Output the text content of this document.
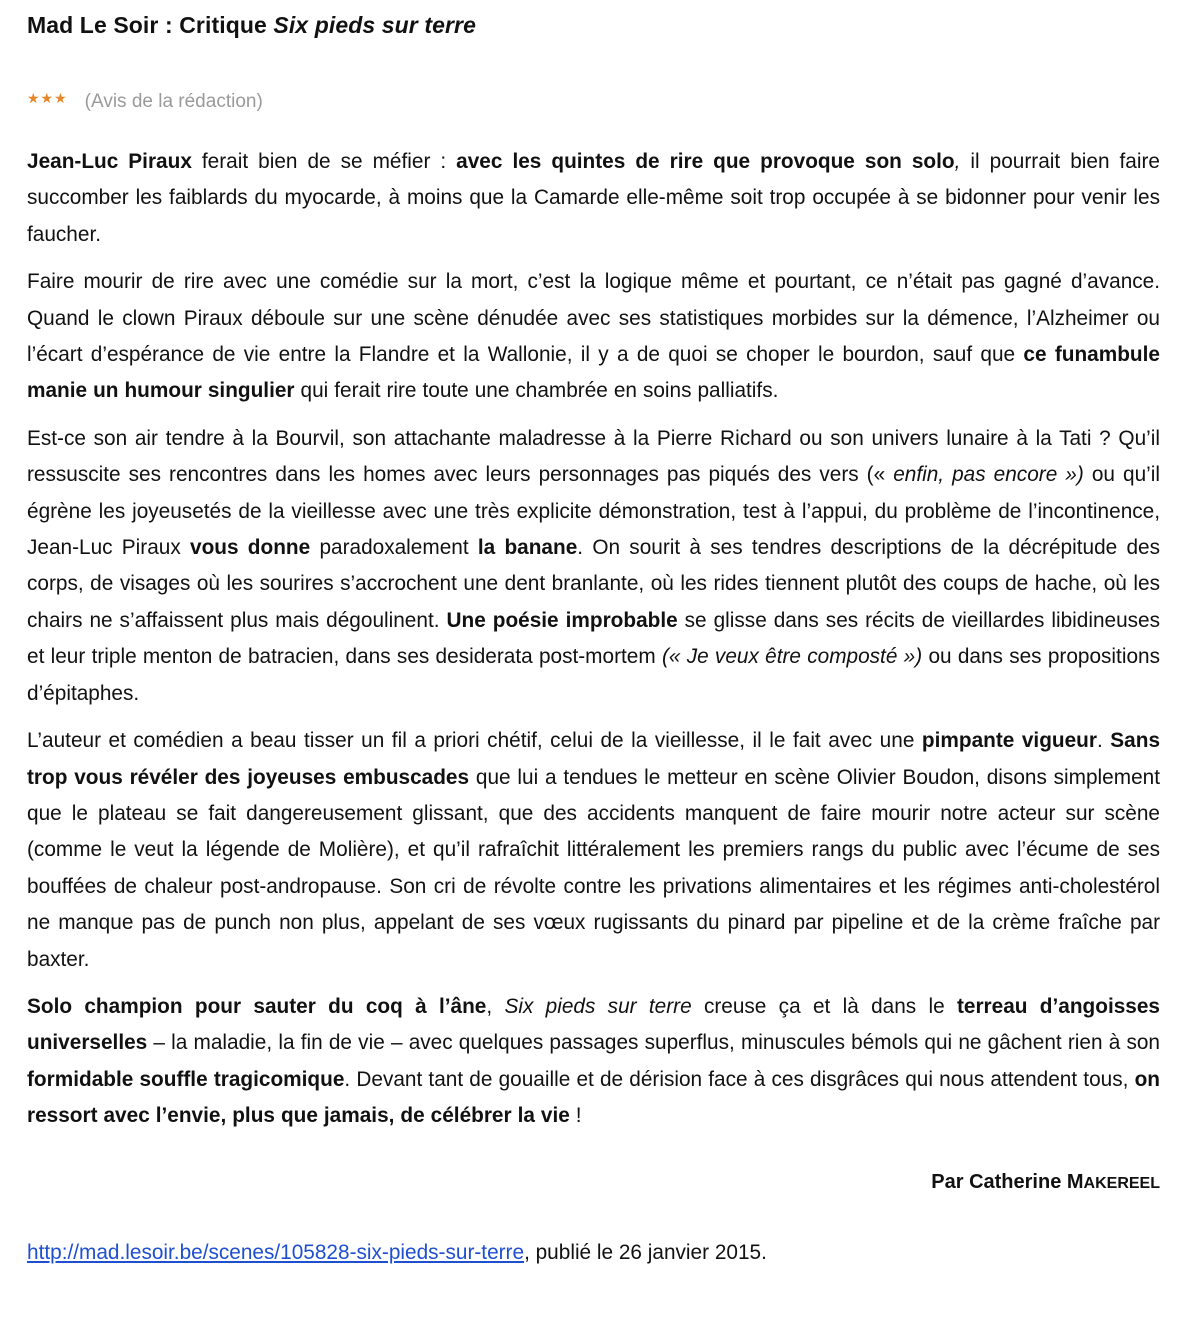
Mad Le Soir : Critique Six pieds sur terre
★★★ (Avis de la rédaction)

Jean-Luc Piraux ferait bien de se méfier : avec les quintes de rire que provoque son solo, il pourrait bien faire succomber les faiblards du myocarde, à moins que la Camarde elle-même soit trop occupée à se bidonner pour venir les faucher.

Faire mourir de rire avec une comédie sur la mort, c’est la logique même et pourtant, ce n’était pas gagné d’avance. Quand le clown Piraux déboule sur une scène dénudée avec ses statistiques morbides sur la démence, l’Alzheimer ou l’écart d’espérance de vie entre la Flandre et la Wallonie, il y a de quoi se choper le bourdon, sauf que ce funambule manie un humour singulier qui ferait rire toute une chambrée en soins palliatifs.

Est-ce son air tendre à la Bourvil, son attachante maladresse à la Pierre Richard ou son univers lunaire à la Tati ? Qu’il ressuscite ses rencontres dans les homes avec leurs personnages pas piqués des vers (« enfin, pas encore ») ou qu’il égrène les joyeusetés de la vieillesse avec une très explicite démonstration, test à l’appui, du problème de l’incontinence, Jean-Luc Piraux vous donne paradoxalement la banane. On sourit à ses tendres descriptions de la décrépitude des corps, de visages où les sourires s’accrochent une dent branlante, où les rides tiennent plutôt des coups de hache, où les chairs ne s’affaissent plus mais dégoulinent. Une poésie improbable se glisse dans ses récits de vieillardes libidineuses et leur triple menton de batracien, dans ses desiderata post-mortem (« Je veux être composté ») ou dans ses propositions d’épitaphes.

L’auteur et comédien a beau tisser un fil a priori chétif, celui de la vieillesse, il le fait avec une pimpante vigueur. Sans trop vous révéler des joyeuses embuscades que lui a tendues le metteur en scène Olivier Boudon, disons simplement que le plateau se fait dangereusement glissant, que des accidents manquent de faire mourir notre acteur sur scène (comme le veut la légende de Molière), et qu’il rafraîchit littéralement les premiers rangs du public avec l’écume de ses bouffées de chaleur post-andropause. Son cri de révolte contre les privations alimentaires et les régimes anti-cholestérol ne manque pas de punch non plus, appelant de ses vœux rugissants du pinard par pipeline et de la crème fraîche par baxter.

Solo champion pour sauter du coq à l’âne, Six pieds sur terre creuse ça et là dans le terreau d’angoisses universelles – la maladie, la fin de vie – avec quelques passages superflus, minuscules bémols qui ne gâchent rien à son formidable souffle tragicomique. Devant tant de gouaille et de dérision face à ces disgrâces qui nous attendent tous, on ressort avec l’envie, plus que jamais, de célébrer la vie !

Par Catherine MAKEREEL
http://mad.lesoir.be/scenes/105828-six-pieds-sur-terre, publié le 26 janvier 2015.
